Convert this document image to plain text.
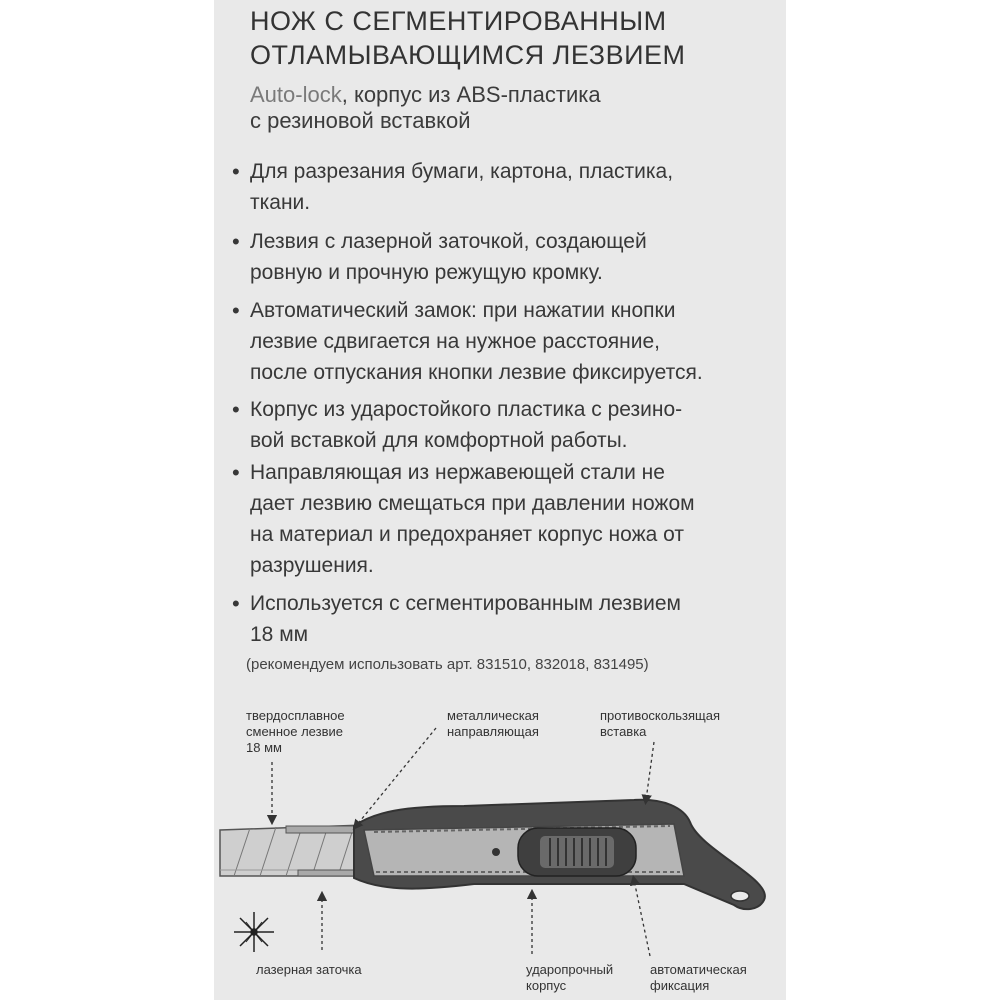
НОЖ С СЕГМЕНТИРОВАННЫМ
ОТЛАМЫВАЮЩИМСЯ ЛЕЗВИЕМ
Auto-lock, корпус из ABS-пластика
с резиновой вставкой
• Для разрезания бумаги, картона, пластика,
ткани.
• Лезвия с лазерной заточкой, создающей
ровную и прочную режущую кромку.
• Автоматический замок: при нажатии кнопки
лезвие сдвигается на нужное расстояние,
после отпускания кнопки лезвие фиксируется.
• Корпус из ударостойкого пластика с резино-
вой вставкой для комфортной работы.
• Направляющая из нержавеющей стали не
дает лезвию смещаться при давлении ножом
на материал и предохраняет корпус ножа от
разрушения.
• Используется с сегментированным лезвием
18 мм
(рекомендуем использовать арт. 831510, 832018, 831495)
твердосплавное
сменное лезвие
18 мм
металлическая
направляющая
противоскользящая
вставка
лазерная заточка	ударопрочный
корпус
автоматическая
фиксация
